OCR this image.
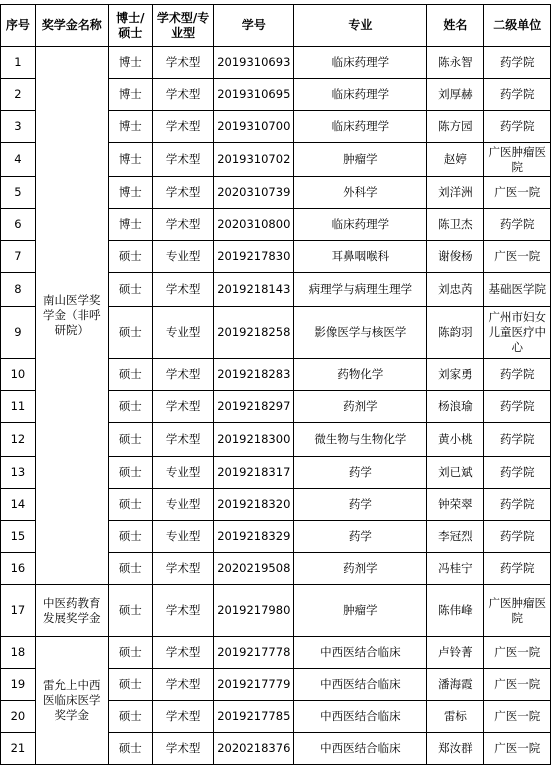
序号	奖学金名称	博士/硕士	学术型/专业型	学号	专业	姓名	二级单位
1	南山医学奖学金（非呼研院）	博士	学术型	2019310693	临床药理学	陈永智	药学院
2		博士	学术型	2019310695	临床药理学	刘厚赫	药学院
3		博士	学术型	2019310700	临床药理学	陈方园	药学院
4		博士	学术型	2019310702	肿瘤学	赵婷	广医肿瘤医院
5		博士	学术型	2020310739	外科学	刘洋洲	广医一院
6		博士	学术型	2020310800	临床药理学	陈卫杰	药学院
7		硕士	专业型	2019217830	耳鼻咽喉科	谢俊杨	广医一院
8		硕士	学术型	2019218143	病理学与病理生理学	刘忠芮	基础医学院
9		硕士	专业型	2019218258	影像医学与核医学	陈韵羽	广州市妇女儿童医疗中心
10		硕士	学术型	2019218283	药物化学	刘家勇	药学院
11		硕士	学术型	2019218297	药剂学	杨浪瑜	药学院
12		硕士	学术型	2019218300	微生物与生物化学	黄小桃	药学院
13		硕士	专业型	2019218317	药学	刘已斌	药学院
14		硕士	专业型	2019218320	药学	钟荣翠	药学院
15		硕士	专业型	2019218329	药学	李冠烈	药学院
16		硕士	学术型	2020219508	药剂学	冯桂宁	药学院
17	中医药教育发展奖学金	硕士	学术型	2019217980	肿瘤学	陈伟峰	广医肿瘤医院
18	雷允上中西医临床医学奖学金	硕士	学术型	2019217778	中西医结合临床	卢铃菁	广医一院
19		硕士	学术型	2019217779	中西医结合临床	潘海霞	广医一院
20		硕士	学术型	2019217785	中西医结合临床	雷标	广医一院
21		硕士	学术型	2020218376	中西医结合临床	郑汝群	广医一院
